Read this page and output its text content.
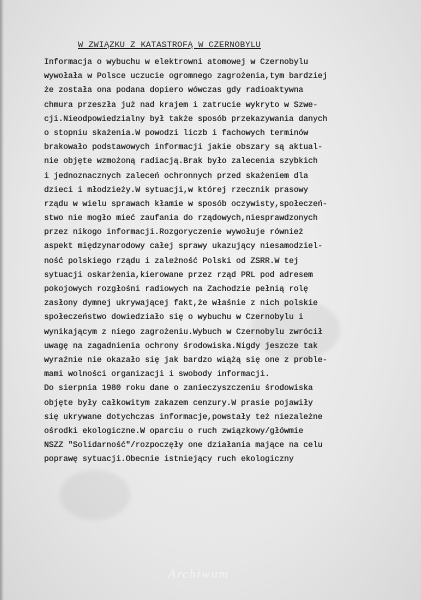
W ZWIĄZKU Z KATASTROFĄ W CZERNOBYLU
Informacja o wybuchu w elektrowni atomowej w Czernobylu
wywołała w Polsce uczucie ogromnego zagrożenia,tym bardziej
że została ona podana dopiero wówczas gdy radioaktywna
chmura przeszła już nad krajem i zatrucie wykryto w Szwe-
cji.Nieodpowiedzialny był także sposób przekazywania danych
o stopniu skażenia.W powodzi liczb i fachowych terminów
brakowało podstawowych informacji jakie obszary są aktual-
nie objęte wzmożoną radiacją.Brak było zalecenia szybkich
i jednoznacznych zaleceń ochronnych przed skażeniem dla
dzieci i młodzieży.W sytuacji,w której rzecznik prasowy
rządu w wielu sprawach kłamie w sposób oczywisty,społeczeń-
stwo nie mogło mieć zaufania do rządowych,niesprawdzonych
przez nikogo informacji.Rozgoryczenie wywołuje również
aspekt międzynarodowy całej sprawy ukazujący niesamodziel-
ność polskiego rządu i zależność Polski od ZSRR.W tej
sytuacji oskarżenia,kierowane przez rząd PRL pod adresem
pokojowych rozgłośni radiowych na Zachodzie pełnią rolę
zasłony dymnej ukrywającej fakt,że właśnie z nich polskie
społeczeństwo dowiedziało się o wybuchu w Czernobylu i
wynikającym z niego zagrożeniu.Wybuch w Czernobylu zwrócił
uwagę na zagadnienia ochrony środowiska.Nigdy jeszcze tak
wyraźnie nie okazało się jak bardzo wiążą się one z proble-
mami wolności organizacji i swobody informacji.
Do sierpnia 1980 roku dane o zanieczyszczeniu środowiska
objęte były całkowitym zakazem cenzury.W prasie pojawiły
się ukrywane dotychczas informacje,powstały też niezależne
ośrodki ekologiczne.W oparciu o ruch związkowy/główmie
NSZZ "Solidarność"/rozpoczęły one działania mające na celu
poprawę sytuacji.Obecnie istniejący ruch ekologiczny
Archiwum
